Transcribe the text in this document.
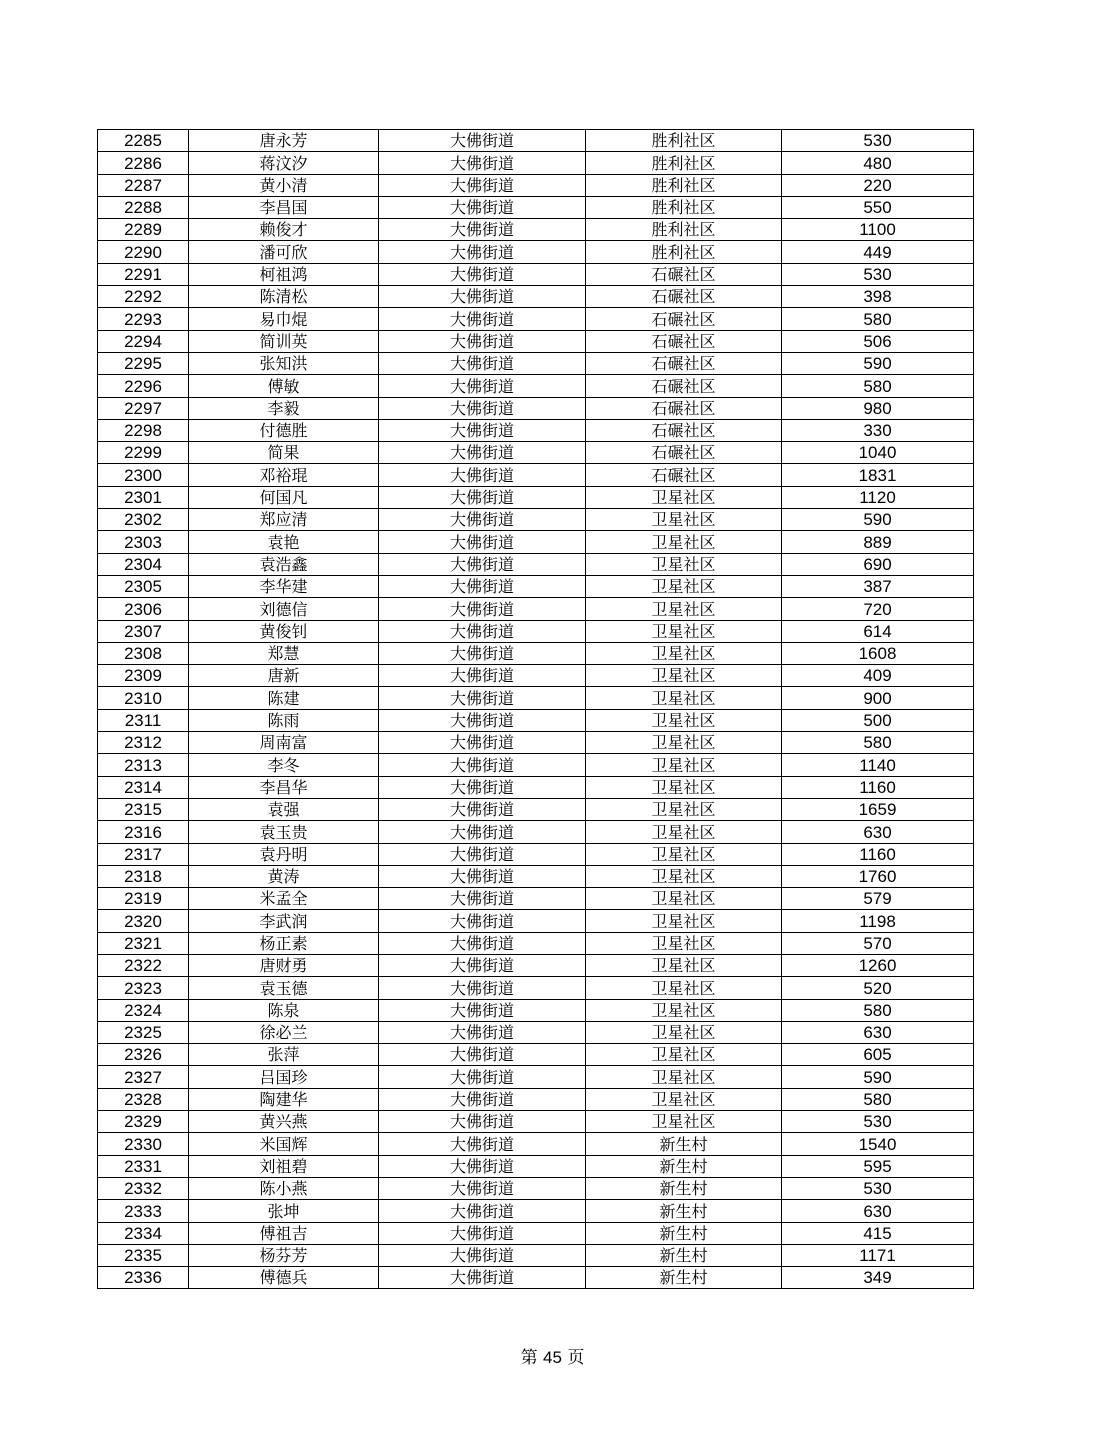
2285	唐永芳	大佛街道	胜利社区	530
2286	蒋汶汐	大佛街道	胜利社区	480
2287	黄小清	大佛街道	胜利社区	220
2288	李昌国	大佛街道	胜利社区	550
2289	赖俊才	大佛街道	胜利社区	1100
2290	潘可欣	大佛街道	胜利社区	449
2291	柯祖鸿	大佛街道	石碾社区	530
2292	陈清松	大佛街道	石碾社区	398
2293	易巾焜	大佛街道	石碾社区	580
2294	简训英	大佛街道	石碾社区	506
2295	张知洪	大佛街道	石碾社区	590
2296	傅敏	大佛街道	石碾社区	580
2297	李毅	大佛街道	石碾社区	980
2298	付德胜	大佛街道	石碾社区	330
2299	简果	大佛街道	石碾社区	1040
2300	邓裕琨	大佛街道	石碾社区	1831
2301	何国凡	大佛街道	卫星社区	1120
2302	郑应清	大佛街道	卫星社区	590
2303	袁艳	大佛街道	卫星社区	889
2304	袁浩鑫	大佛街道	卫星社区	690
2305	李华建	大佛街道	卫星社区	387
2306	刘德信	大佛街道	卫星社区	720
2307	黄俊钊	大佛街道	卫星社区	614
2308	郑慧	大佛街道	卫星社区	1608
2309	唐新	大佛街道	卫星社区	409
2310	陈建	大佛街道	卫星社区	900
2311	陈雨	大佛街道	卫星社区	500
2312	周南富	大佛街道	卫星社区	580
2313	李冬	大佛街道	卫星社区	1140
2314	李昌华	大佛街道	卫星社区	1160
2315	袁强	大佛街道	卫星社区	1659
2316	袁玉贵	大佛街道	卫星社区	630
2317	袁丹明	大佛街道	卫星社区	1160
2318	黄涛	大佛街道	卫星社区	1760
2319	米孟全	大佛街道	卫星社区	579
2320	李武润	大佛街道	卫星社区	1198
2321	杨正素	大佛街道	卫星社区	570
2322	唐财勇	大佛街道	卫星社区	1260
2323	袁玉德	大佛街道	卫星社区	520
2324	陈泉	大佛街道	卫星社区	580
2325	徐必兰	大佛街道	卫星社区	630
2326	张萍	大佛街道	卫星社区	605
2327	吕国珍	大佛街道	卫星社区	590
2328	陶建华	大佛街道	卫星社区	580
2329	黄兴燕	大佛街道	卫星社区	530
2330	米国辉	大佛街道	新生村	1540
2331	刘祖碧	大佛街道	新生村	595
2332	陈小燕	大佛街道	新生村	530
2333	张坤	大佛街道	新生村	630
2334	傅祖吉	大佛街道	新生村	415
2335	杨芬芳	大佛街道	新生村	1171
2336	傅德兵	大佛街道	新生村	349
第 45 页
